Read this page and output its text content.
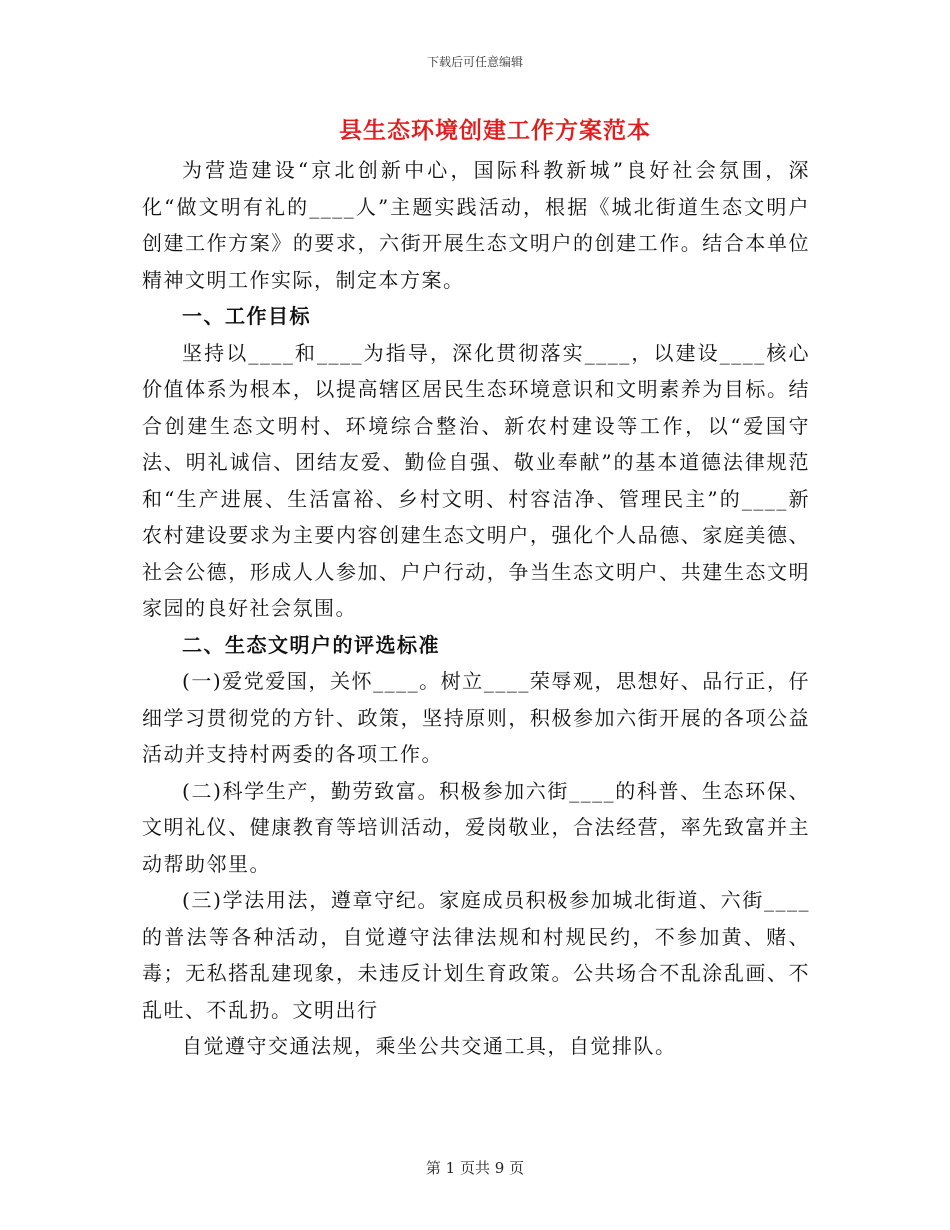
下载后可任意编辑
县生态环境创建工作方案范本

为营造建设“京北创新中心，国际科教新城”良好社会氛围，深化“做文明有礼的____人”主题实践活动，根据《城北街道生态文明户创建工作方案》的要求，六街开展生态文明户的创建工作。结合本单位精神文明工作实际，制定本方案。

一、工作目标

坚持以____和____为指导，深化贯彻落实____，以建设____核心价值体系为根本，以提高辖区居民生态环境意识和文明素养为目标。结合创建生态文明村、环境综合整治、新农村建设等工作，以“爱国守法、明礼诚信、团结友爱、勤俭自强、敬业奉献”的基本道德法律规范和“生产进展、生活富裕、乡村文明、村容洁净、管理民主”的____新农村建设要求为主要内容创建生态文明户，强化个人品德、家庭美德、社会公德，形成人人参加、户户行动，争当生态文明户、共建生态文明家园的良好社会氛围。

二、生态文明户的评选标准

(一)爱党爱国，关怀____。树立____荣辱观，思想好、品行正，仔细学习贯彻党的方针、政策，坚持原则，积极参加六街开展的各项公益活动并支持村两委的各项工作。

(二)科学生产，勤劳致富。积极参加六街____的科普、生态环保、文明礼仪、健康教育等培训活动，爱岗敬业，合法经营，率先致富并主动帮助邻里。

(三)学法用法，遵章守纪。家庭成员积极参加城北街道、六街____的普法等各种活动，自觉遵守法律法规和村规民约，不参加黄、赌、毒；无私搭乱建现象，未违反计划生育政策。公共场合不乱涂乱画、不乱吐、不乱扔。文明出行

自觉遵守交通法规，乘坐公共交通工具，自觉排队。

第 1 页共 9 页
